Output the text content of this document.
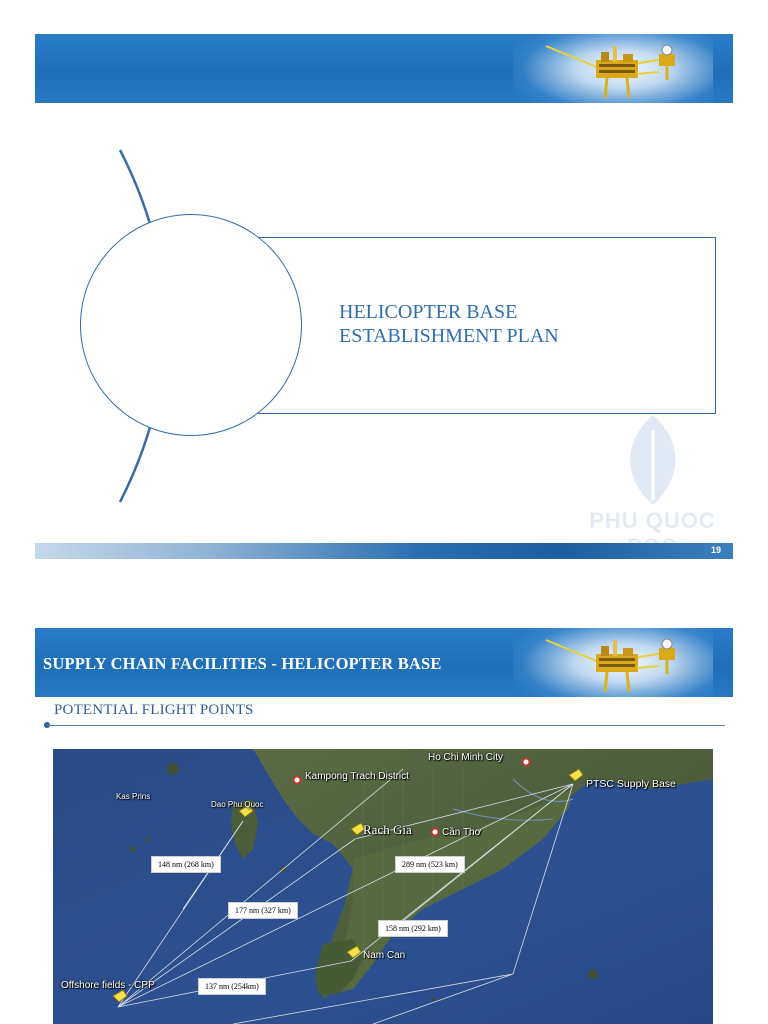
HELICOPTER BASE
ESTABLISHMENT PLAN
PHU QUOC
19
SUPPLY CHAIN FACILITIES - HELICOPTER BASE
POTENTIAL FLIGHT POINTS
Ho Chi Minh City
Kampong Trach District
PTSC Supply Base
Kas Prins
Dao Phu Quoc
Rach Gia	Cần Thơ
Nam Can
Offshore fields - CPP
148 nm (268 km)	289 nm (523 km)
177 nm (327 km)
158 nm (292 km)
137 nm (254km)
